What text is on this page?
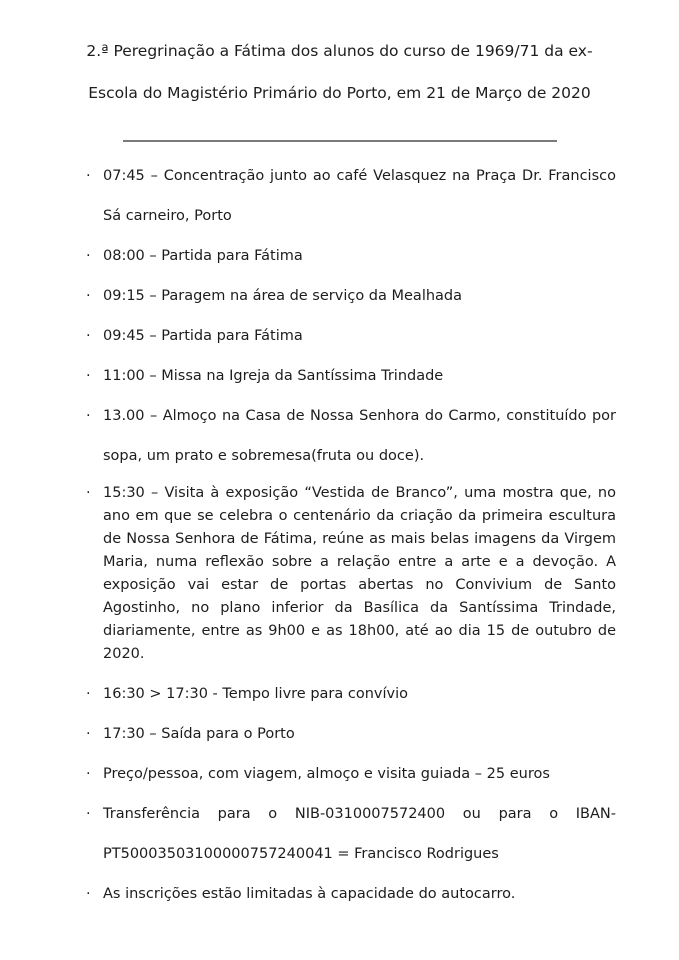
2.ª Peregrinação a Fátima dos alunos do curso de 1969/71 da ex-
Escola do Magistério Primário do Porto, em 21 de Março de 2020
· 07:45 – Concentração junto ao café Velasquez na Praça Dr. Francisco Sá carneiro, Porto
· 08:00 – Partida para Fátima
· 09:15 – Paragem na área de serviço da Mealhada
· 09:45 – Partida para Fátima
· 11:00 – Missa na Igreja da Santíssima Trindade
· 13.00 – Almoço na Casa de Nossa Senhora do Carmo, constituído por sopa, um prato e sobremesa(fruta ou doce).
· 15:30 – Visita à exposição “Vestida de Branco”, uma mostra que, no ano em que se celebra o centenário da criação da primeira escultura de Nossa Senhora de Fátima, reúne as mais belas imagens da Virgem Maria, numa reflexão sobre a relação entre a arte e a devoção. A exposição vai estar de portas abertas no Convivium de Santo Agostinho, no plano inferior da Basílica da Santíssima Trindade, diariamente, entre as 9h00 e as 18h00, até ao dia 15 de outubro de 2020.
· 16:30 > 17:30 - Tempo livre para convívio
· 17:30 – Saída para o Porto
· Preço/pessoa, com viagem, almoço e visita guiada – 25 euros
· Transferência para o NIB-0310007572400 ou para o IBAN-PT50003503100000757240041 = Francisco Rodrigues
· As inscrições estão limitadas à capacidade do autocarro.
